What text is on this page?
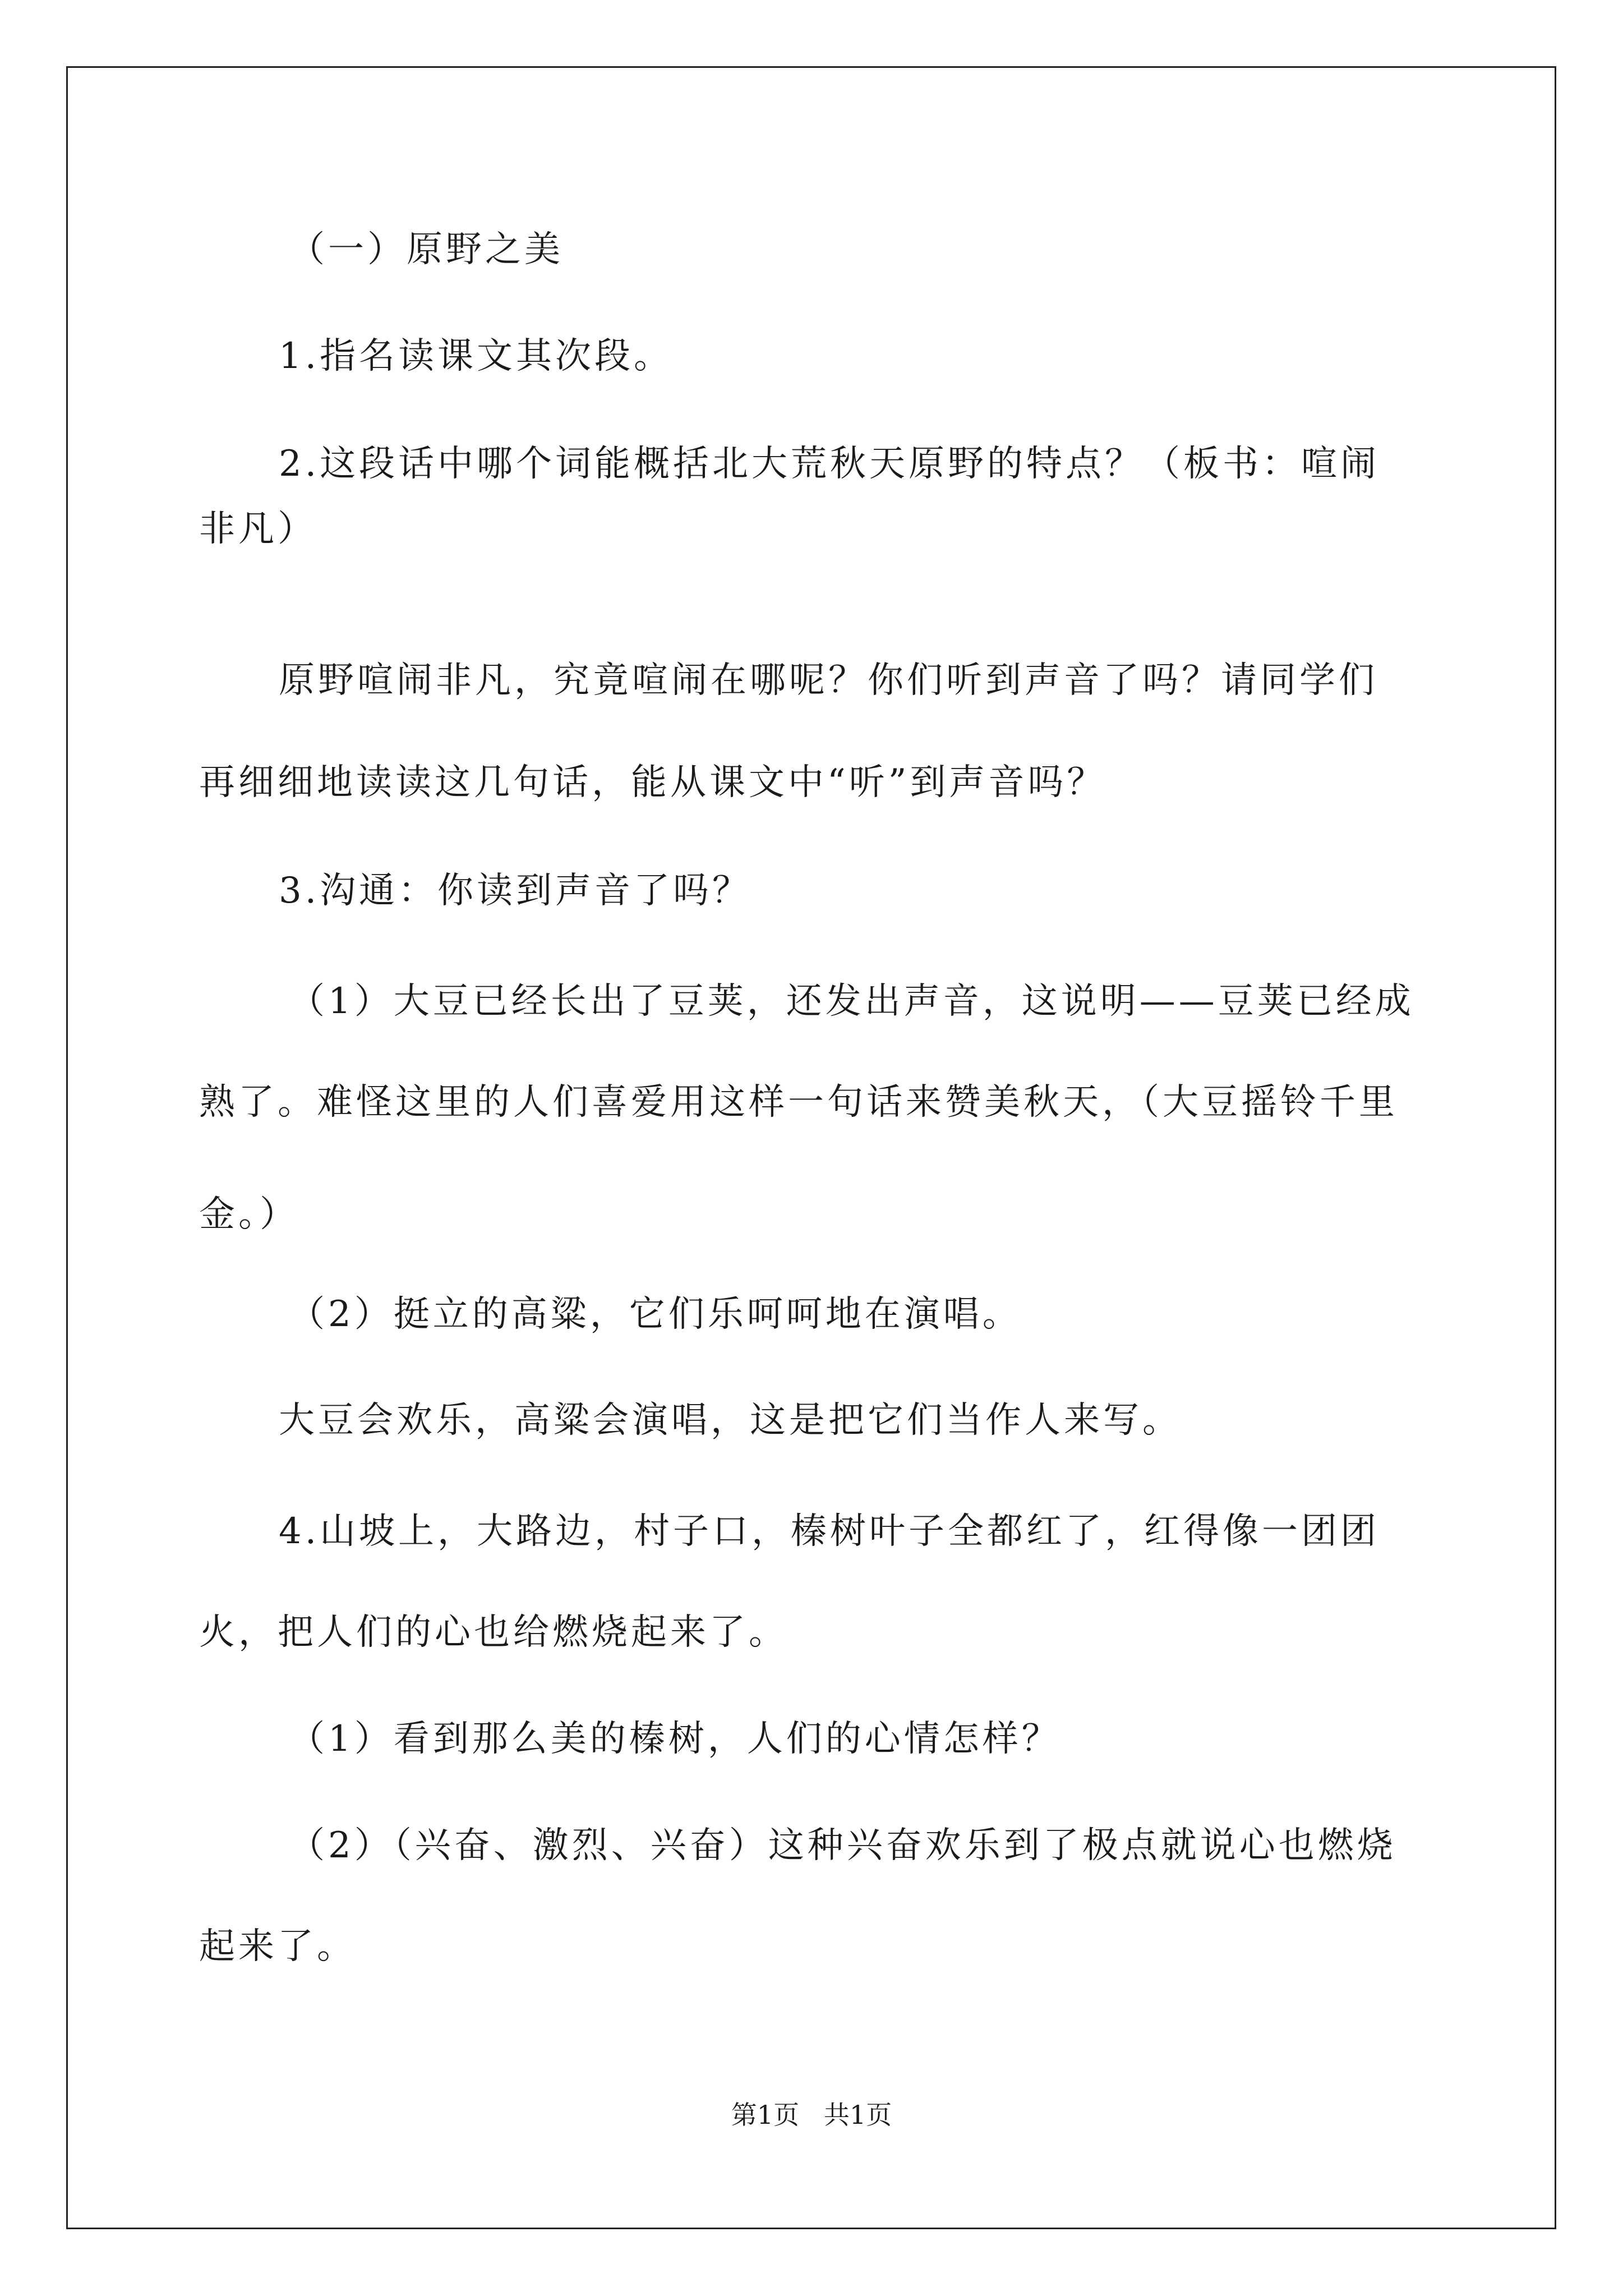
（一）原野之美
1.指名读课文其次段。
2.这段话中哪个词能概括北大荒秋天原野的特点？（板书：喧闹
非凡）
原野喧闹非凡，究竟喧闹在哪呢？你们听到声音了吗？请同学们
再细细地读读这几句话，能从课文中“听”到声音吗？
3.沟通：你读到声音了吗？
（1）大豆已经长出了豆荚，还发出声音，这说明——豆荚已经成
熟了。难怪这里的人们喜爱用这样一句话来赞美秋天，（大豆摇铃千里
金。）
（2）挺立的高粱，它们乐呵呵地在演唱。
大豆会欢乐，高粱会演唱，这是把它们当作人来写。
4.山坡上，大路边，村子口，榛树叶子全都红了，红得像一团团
火，把人们的心也给燃烧起来了。
（1）看到那么美的榛树，人们的心情怎样？
（2）（兴奋、激烈、兴奋）这种兴奋欢乐到了极点就说心也燃烧
起来了。
第1页   共1页
